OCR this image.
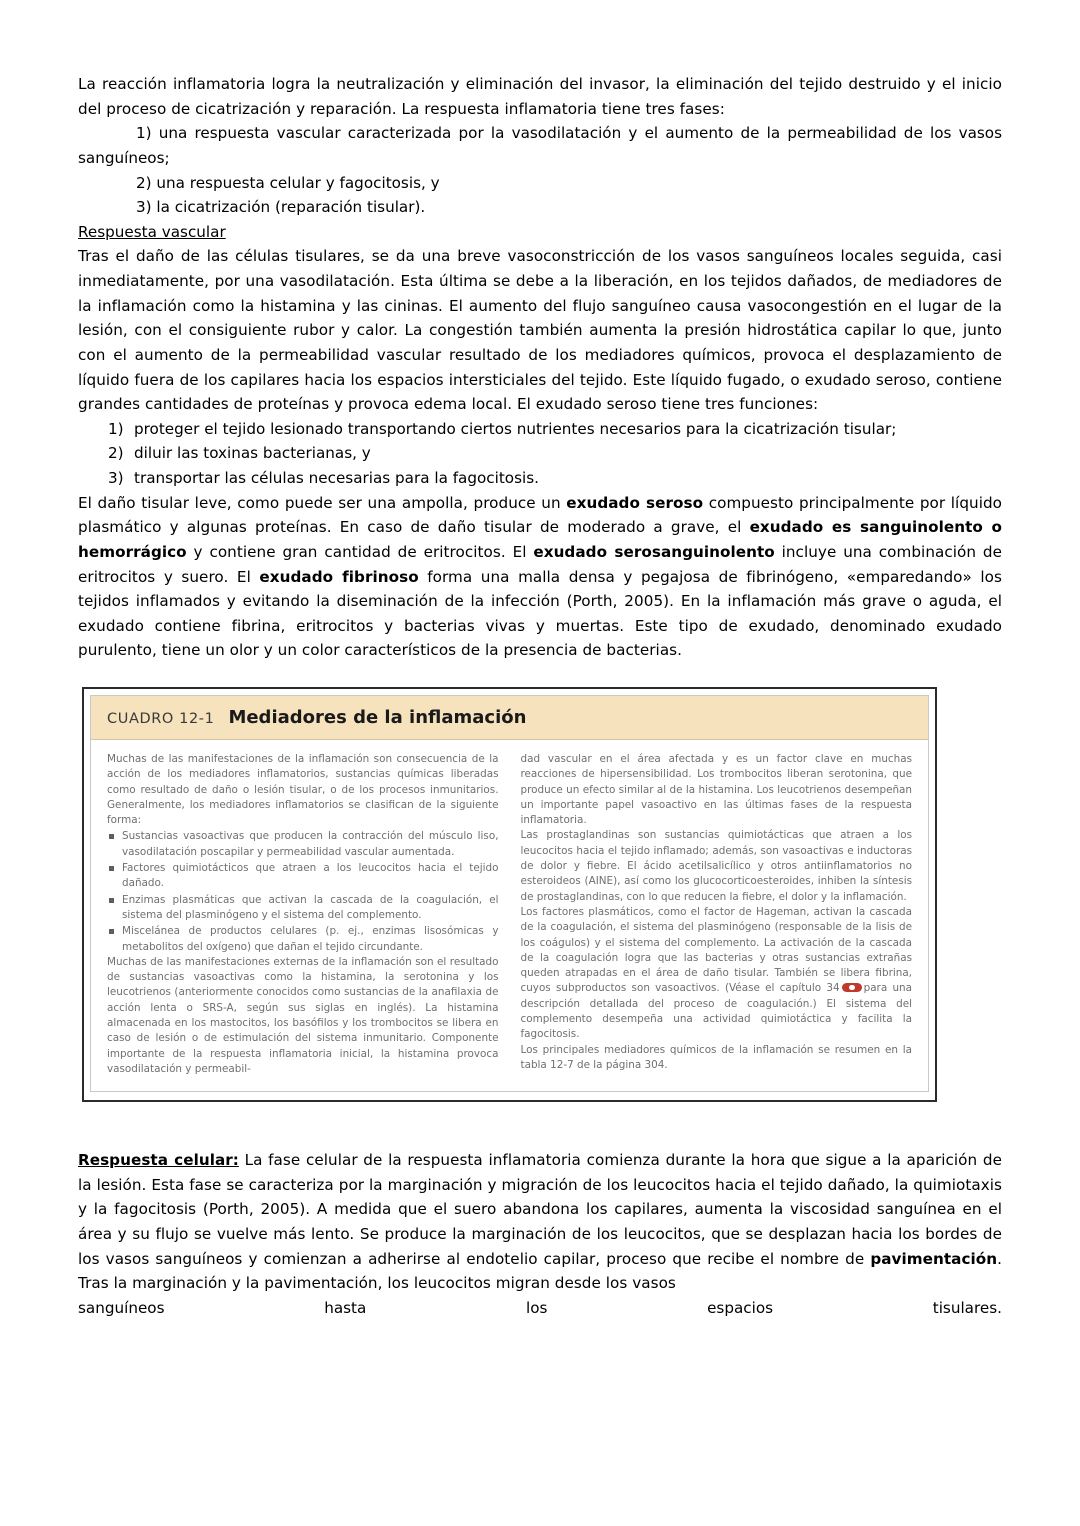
La reacción inflamatoria logra la neutralización y eliminación del invasor, la eliminación del tejido destruido y el inicio del proceso de cicatrización y reparación. La respuesta inflamatoria tiene tres fases:

1) una respuesta vascular caracterizada por la vasodilatación y el aumento de la permeabilidad de los vasos sanguíneos;

2) una respuesta celular y fagocitosis, y

3) la cicatrización (reparación tisular).

Respuesta vascular

Tras el daño de las células tisulares, se da una breve vasoconstricción de los vasos sanguíneos locales seguida, casi inmediatamente, por una vasodilatación. Esta última se debe a la liberación, en los tejidos dañados, de mediadores de la inflamación como la histamina y las cininas. El aumento del flujo sanguíneo causa vasocongestión en el lugar de la lesión, con el consiguiente rubor y calor. La congestión también aumenta la presión hidrostática capilar lo que, junto con el aumento de la permeabilidad vascular resultado de los mediadores químicos, provoca el desplazamiento de líquido fuera de los capilares hacia los espacios intersticiales del tejido. Este líquido fugado, o exudado seroso, contiene grandes cantidades de proteínas y provoca edema local. El exudado seroso tiene tres funciones:

1) proteger el tejido lesionado transportando ciertos nutrientes necesarios para la cicatrización tisular;
2) diluir las toxinas bacterianas, y
3) transportar las células necesarias para la fagocitosis.

El daño tisular leve, como puede ser una ampolla, produce un exudado seroso compuesto principalmente por líquido plasmático y algunas proteínas. En caso de daño tisular de moderado a grave, el exudado es sanguinolento o hemorrágico y contiene gran cantidad de eritrocitos. El exudado serosanguinolento incluye una combinación de eritrocitos y suero. El exudado fibrinoso forma una malla densa y pegajosa de fibrinógeno, «emparedando» los tejidos inflamados y evitando la diseminación de la infección (Porth, 2005). En la inflamación más grave o aguda, el exudado contiene fibrina, eritrocitos y bacterias vivas y muertas. Este tipo de exudado, denominado exudado purulento, tiene un olor y un color característicos de la presencia de bacterias.

CUADRO 12-1 Mediadores de la inflamación

Muchas de las manifestaciones de la inflamación son consecuencia de la acción de los mediadores inflamatorios, sustancias químicas liberadas como resultado de daño o lesión tisular, o de los procesos inmunitarios. Generalmente, los mediadores inflamatorios se clasifican de la siguiente forma:

Sustancias vasoactivas que producen la contracción del músculo liso, vasodilatación poscapilar y permeabilidad vascular aumentada.
Factores quimiotácticos que atraen a los leucocitos hacia el tejido dañado.
Enzimas plasmáticas que activan la cascada de la coagulación, el sistema del plasminógeno y el sistema del complemento.
Miscelánea de productos celulares (p. ej., enzimas lisosómicas y metabolitos del oxígeno) que dañan el tejido circundante.

Muchas de las manifestaciones externas de la inflamación son el resultado de sustancias vasoactivas como la histamina, la serotonina y los leucotrienos (anteriormente conocidos como sustancias de la anafilaxia de acción lenta o SRS-A, según sus siglas en inglés). La histamina almacenada en los mastocitos, los basófilos y los trombocitos se libera en caso de lesión o de estimulación del sistema inmunitario. Componente importante de la respuesta inflamatoria inicial, la histamina provoca vasodilatación y permeabil-

dad vascular en el área afectada y es un factor clave en muchas reacciones de hipersensibilidad. Los trombocitos liberan serotonina, que produce un efecto similar al de la histamina. Los leucotrienos desempeñan un importante papel vasoactivo en las últimas fases de la respuesta inflamatoria.

Las prostaglandinas son sustancias quimiotácticas que atraen a los leucocitos hacia el tejido inflamado; además, son vasoactivas e inductoras de dolor y fiebre. El ácido acetilsalicílico y otros antiinflamatorios no esteroideos (AINE), así como los glucocorticoesteroides, inhiben la síntesis de prostaglandinas, con lo que reducen la fiebre, el dolor y la inflamación.

Los factores plasmáticos, como el factor de Hageman, activan la cascada de la coagulación, el sistema del plasminógeno (responsable de la lisis de los coágulos) y el sistema del complemento. La activación de la cascada de la coagulación logra que las bacterias y otras sustancias extrañas queden atrapadas en el área de daño tisular. También se libera fibrina, cuyos subproductos son vasoactivos. (Véase el capítulo 34 para una descripción detallada del proceso de coagulación.) El sistema del complemento desempeña una actividad quimiotáctica y facilita la fagocitosis.

Los principales mediadores químicos de la inflamación se resumen en la tabla 12-7 de la página 304.

Respuesta celular: La fase celular de la respuesta inflamatoria comienza durante la hora que sigue a la aparición de la lesión. Esta fase se caracteriza por la marginación y migración de los leucocitos hacia el tejido dañado, la quimiotaxis y la fagocitosis (Porth, 2005). A medida que el suero abandona los capilares, aumenta la viscosidad sanguínea en el área y su flujo se vuelve más lento. Se produce la marginación de los leucocitos, que se desplazan hacia los bordes de los vasos sanguíneos y comienzan a adherirse al endotelio capilar, proceso que recibe el nombre de pavimentación. Tras la marginación y la pavimentación, los leucocitos migran desde los vasos

sanguíneos	hasta	los	espacios	tisulares.
